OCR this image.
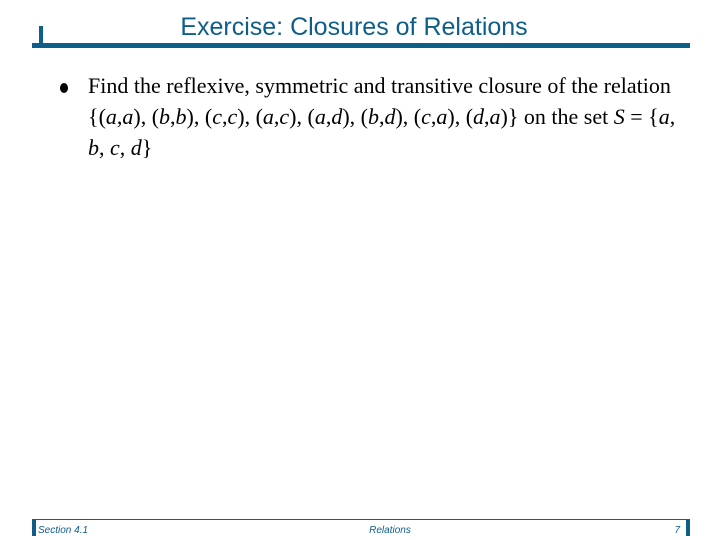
Exercise: Closures of Relations
Find the reflexive, symmetric and transitive closure of the relation {(a,a), (b,b), (c,c), (a,c), (a,d), (b,d), (c,a), (d,a)} on the set S = {a, b, c, d}
Section 4.1	Relations	7
